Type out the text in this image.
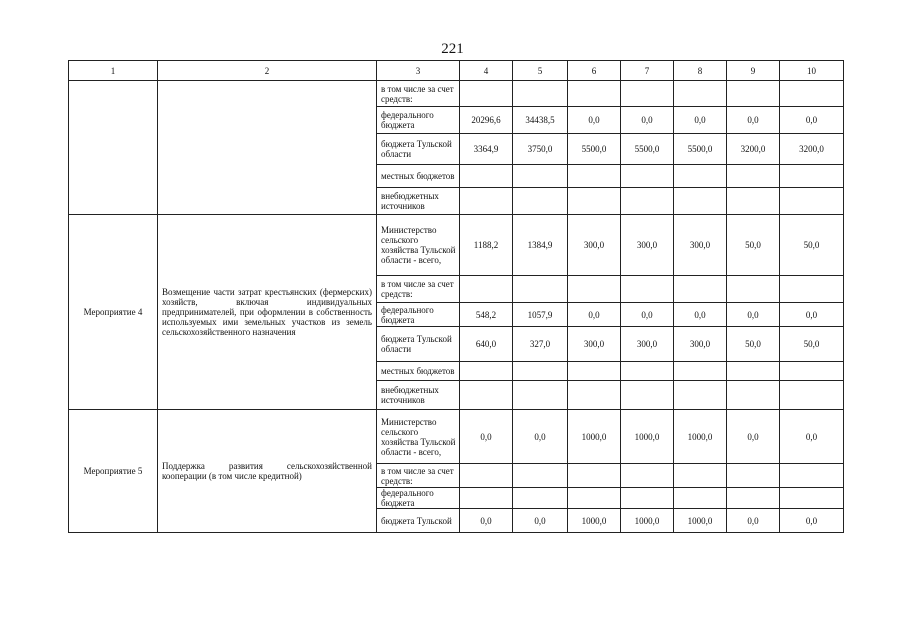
221
1	2	3	4	5	6	7	8	9	10
		в том числе за счет средств:							
		федерального бюджета	20296,6	34438,5	0,0	0,0	0,0	0,0	0,0
		бюджета Тульской области	3364,9	3750,0	5500,0	5500,0	5500,0	3200,0	3200,0
		местных бюджетов							
		внебюджетных источников							
Мероприятие 4	Возмещение части затрат крестьянских (фермерских) хозяйств, включая индивидуальных предпринимателей, при оформлении в собственность используемых ими земельных участков из земель сельскохозяйственного назначения	Министерство сельского хозяйства Тульской области - всего,	1188,2	1384,9	300,0	300,0	300,0	50,0	50,0
		в том числе за счет средств:							
		федерального бюджета	548,2	1057,9	0,0	0,0	0,0	0,0	0,0
		бюджета Тульской области	640,0	327,0	300,0	300,0	300,0	50,0	50,0
		местных бюджетов							
		внебюджетных источников							
Мероприятие 5	Поддержка развития сельскохозяйственной кооперации (в том числе кредитной)	Министерство сельского хозяйства Тульской области - всего,	0,0	0,0	1000,0	1000,0	1000,0	0,0	0,0
		в том числе за счет средств:							
		федерального бюджета							
		бюджета Тульской	0,0	0,0	1000,0	1000,0	1000,0	0,0	0,0
